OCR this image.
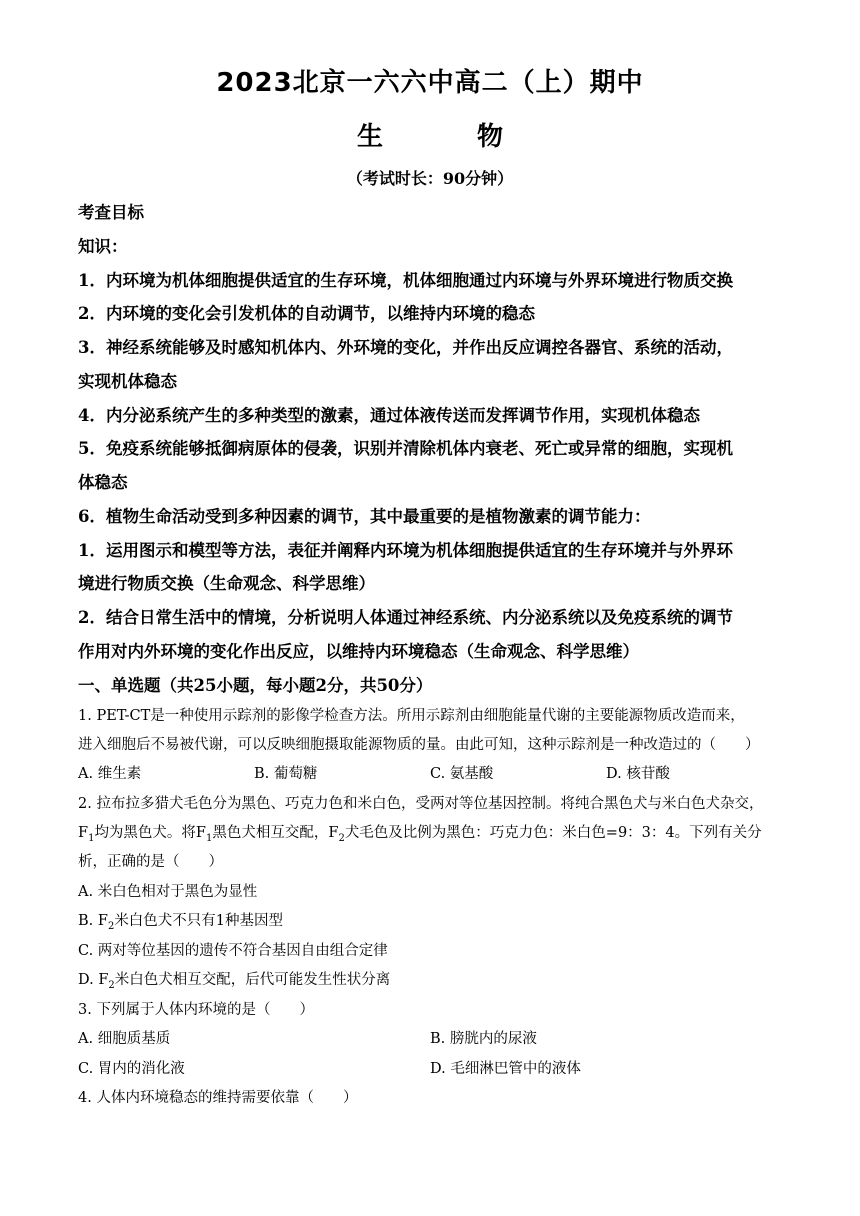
2023北京一六六中高二（上）期中
生　物
（考试时长：90分钟）
考查目标
知识：
1．内环境为机体细胞提供适宜的生存环境，机体细胞通过内环境与外界环境进行物质交换
2．内环境的变化会引发机体的自动调节，以维持内环境的稳态
3．神经系统能够及时感知机体内、外环境的变化，并作出反应调控各器官、系统的活动，
实现机体稳态
4．内分泌系统产生的多种类型的激素，通过体液传送而发挥调节作用，实现机体稳态
5．免疫系统能够抵御病原体的侵袭，识别并清除机体内衰老、死亡或异常的细胞，实现机
体稳态
6．植物生命活动受到多种因素的调节，其中最重要的是植物激素的调节能力：
1．运用图示和模型等方法，表征并阐释内环境为机体细胞提供适宜的生存环境并与外界环
境进行物质交换（生命观念、科学思维）
2．结合日常生活中的情境，分析说明人体通过神经系统、内分泌系统以及免疫系统的调节
作用对内外环境的变化作出反应，以维持内环境稳态（生命观念、科学思维）
一、单选题（共25小题，每小题2分，共50分）
1. PET-CT是一种使用示踪剂的影像学检查方法。所用示踪剂由细胞能量代谢的主要能源物质改造而来，
进入细胞后不易被代谢，可以反映细胞摄取能源物质的量。由此可知，这种示踪剂是一种改造过的（　　）
A. 维生素	B. 葡萄糖	C. 氨基酸	D. 核苷酸
2. 拉布拉多猎犬毛色分为黑色、巧克力色和米白色，受两对等位基因控制。将纯合黑色犬与米白色犬杂交，
$F_1$均为黑色犬。将$F_1$黑色犬相互交配，$F_2$犬毛色及比例为黑色：巧克力色：米白色=9：3：4。下列有关分
析，正确的是（　　）
A. 米白色相对于黑色为显性
B. $F_2$米白色犬不只有1种基因型
C. 两对等位基因的遗传不符合基因自由组合定律
D. $F_2$米白色犬相互交配，后代可能发生性状分离
3. 下列属于人体内环境的是（　　）
A. 细胞质基质	B. 膀胱内的尿液
C. 胃内的消化液	D. 毛细淋巴管中的液体
4. 人体内环境稳态的维持需要依靠（　　）
